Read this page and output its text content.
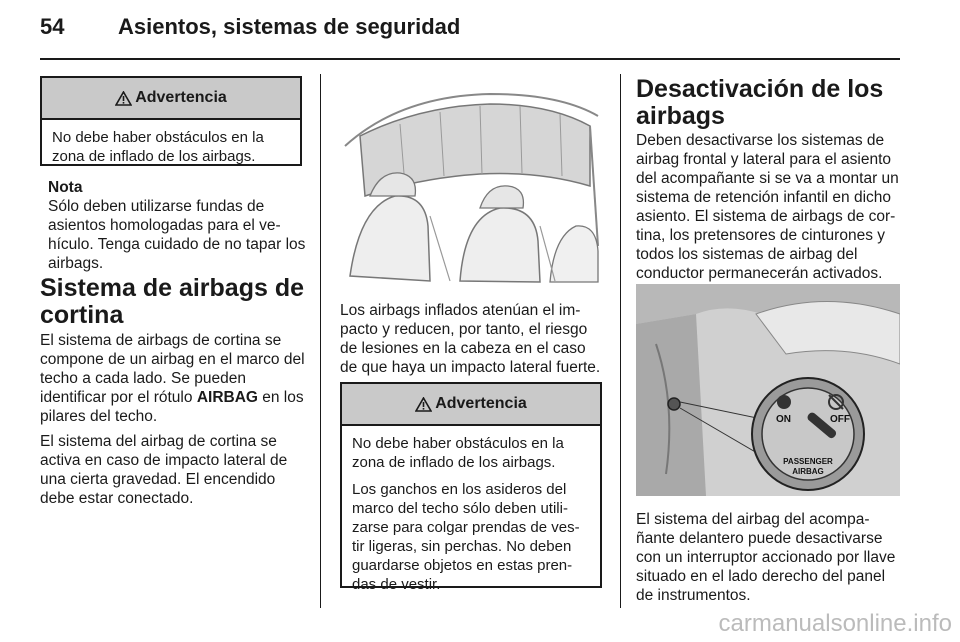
54 Asientos, sistemas de seguridad
Advertencia

No debe haber obstáculos en la zona de inflado de los airbags.

Nota
Sólo deben utilizarse fundas de asientos homologadas para el ve-hículo. Tenga cuidado de no tapar los airbags.
Sistema de airbags de cortina

El sistema de airbags de cortina se compone de un airbag en el marco del techo a cada lado. Se pueden identificar por el rótulo AIRBAG en los pilares del techo.

El sistema del airbag de cortina se activa en caso de impacto lateral de una cierta gravedad. El encendido debe estar conectado.

Los airbags inflados atenúan el im-pacto y reducen, por tanto, el riesgo de lesiones en la cabeza en el caso de que haya un impacto lateral fuerte.
Advertencia

No debe haber obstáculos en la zona de inflado de los airbags.

Los ganchos en los asideros del marco del techo sólo deben utili-zarse para colgar prendas de ves-tir ligeras, sin perchas. No deben guardarse objetos en estas pren-das de vestir.

Desactivación de los airbags
Deben desactivarse los sistemas de airbag frontal y lateral para el asiento del acompañante si se va a montar un sistema de retención infantil en dicho asiento. El sistema de airbags de cor-tina, los pretensores de cinturones y todos los sistemas de airbag del conductor permanecerán activados.
ON	OFF
PASSENGER
AIRBAG
El sistema del airbag del acompa-ñante delantero puede desactivarse con un interruptor accionado por llave situado en el lado derecho del panel de instrumentos.
carmanualsonline.info
